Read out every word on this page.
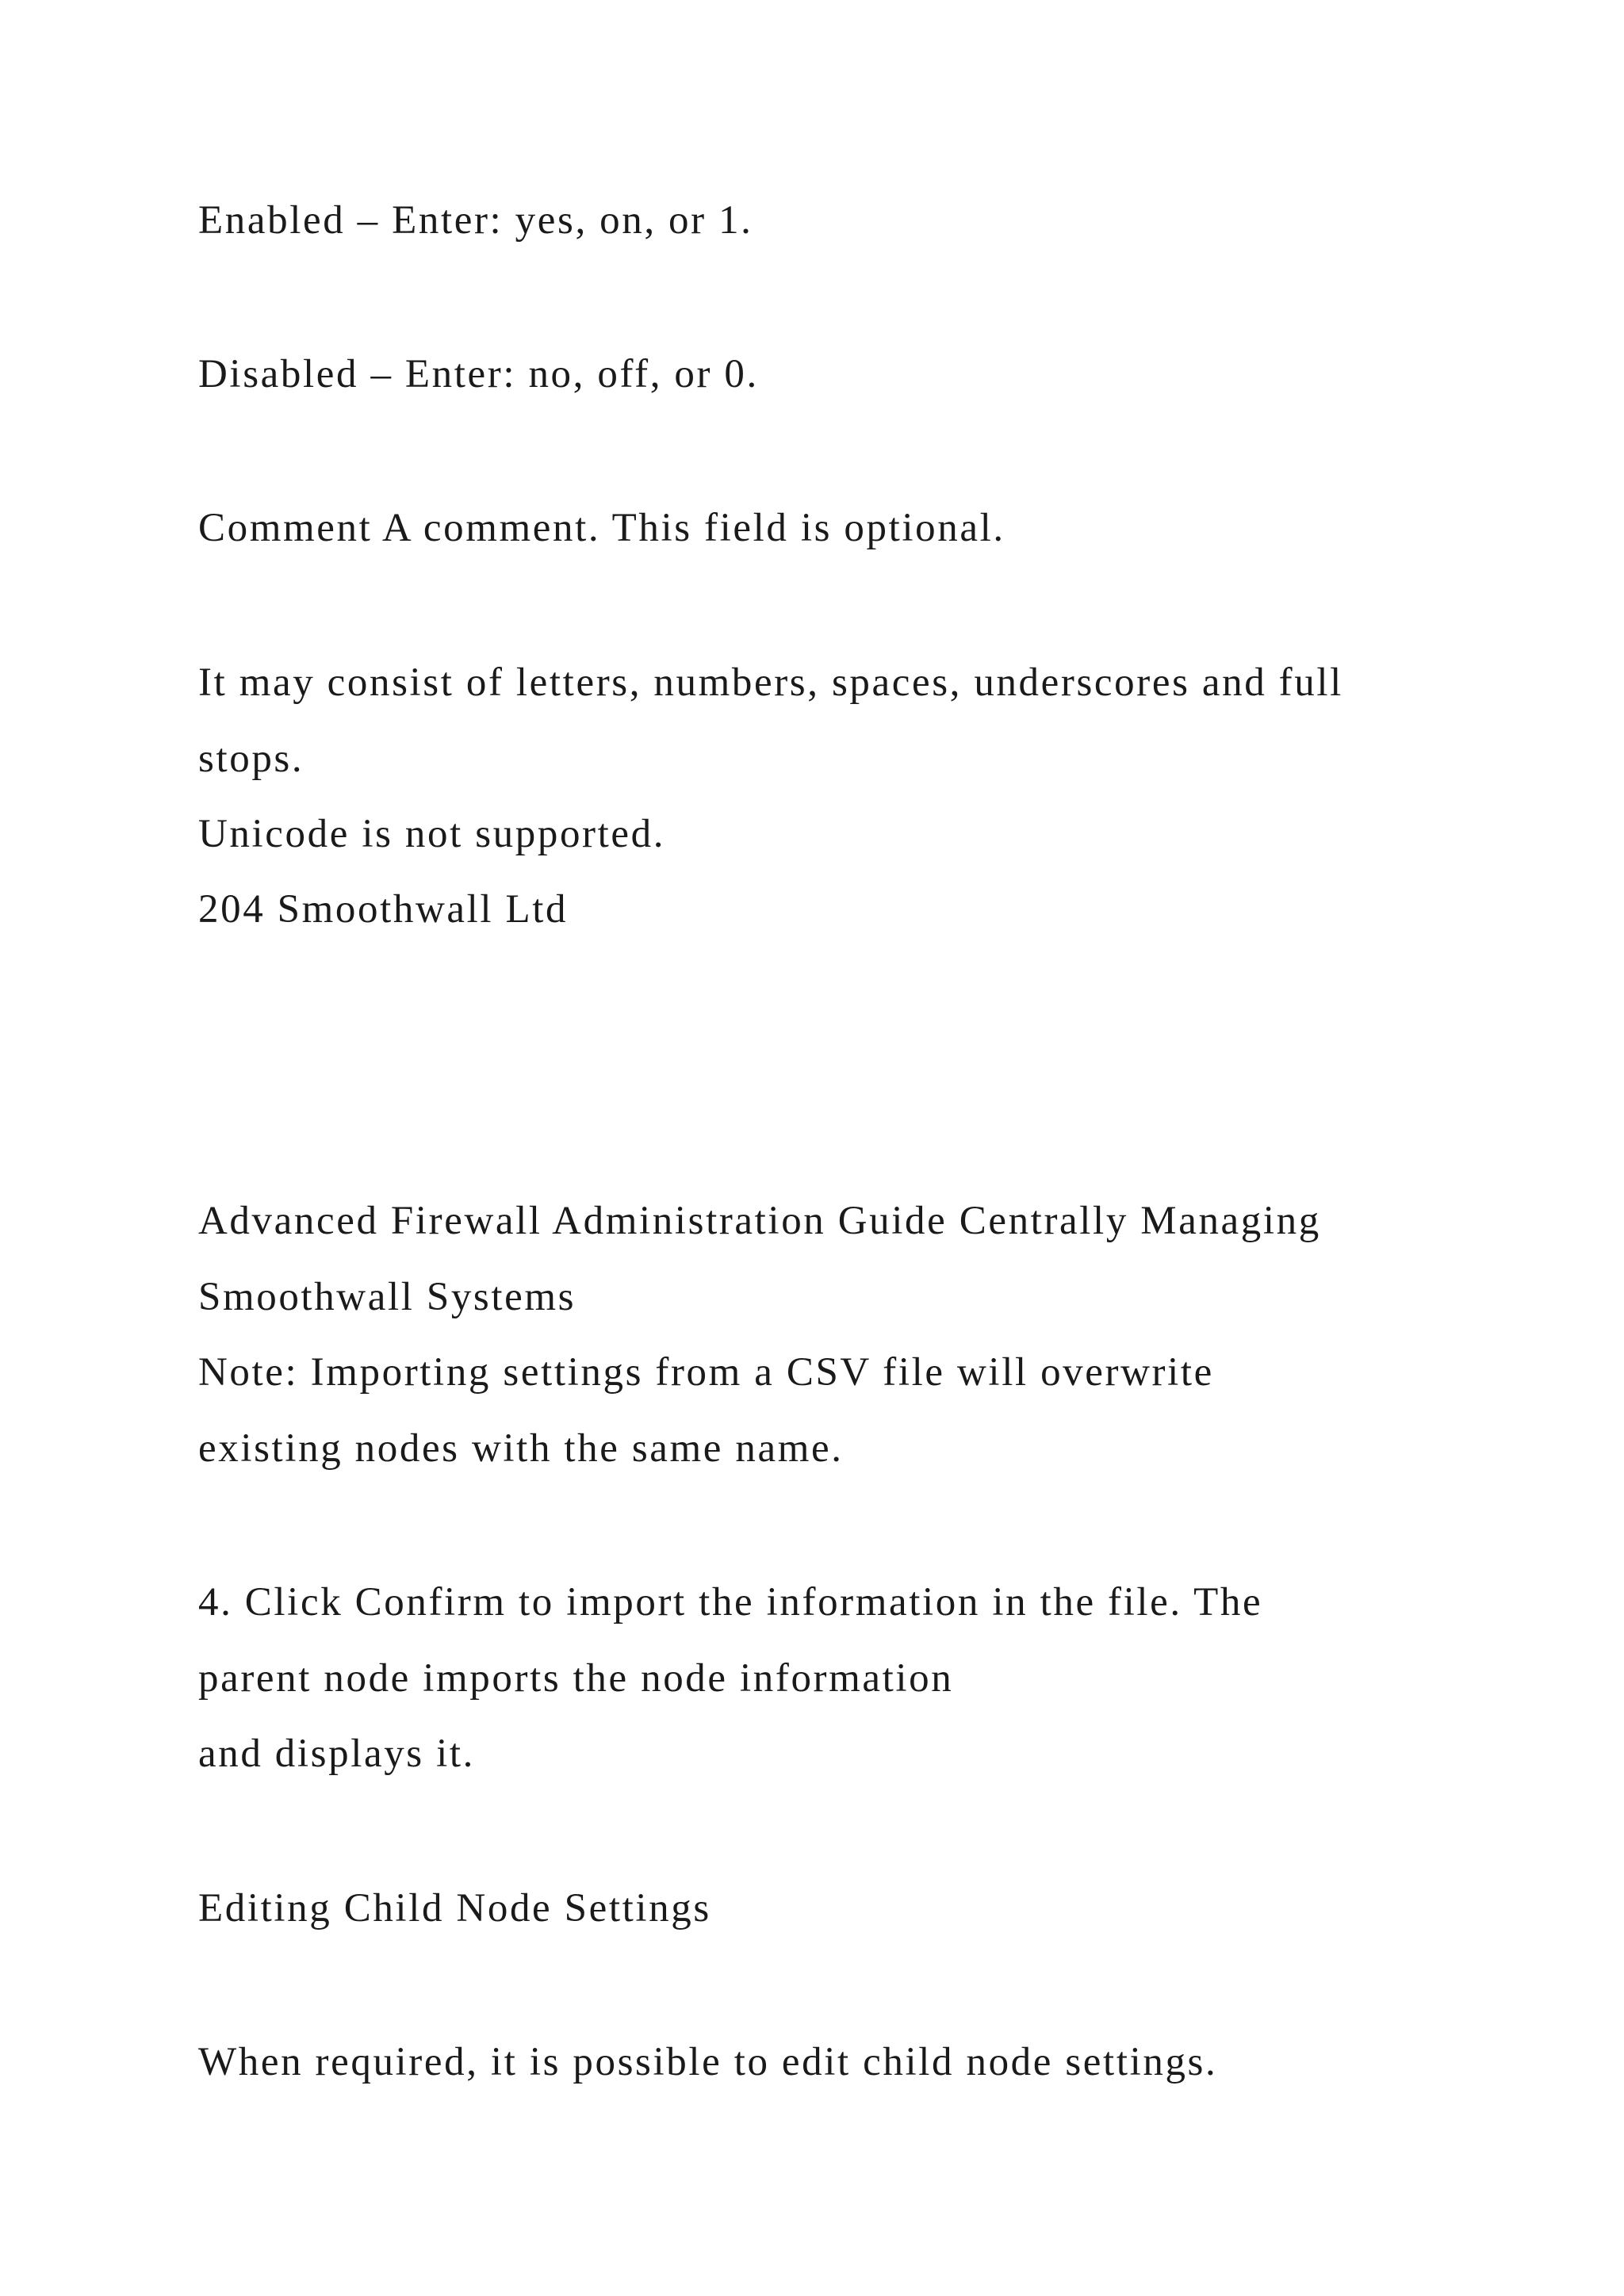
Enabled – Enter: yes, on, or 1.

Disabled – Enter: no, off, or 0.

Comment A comment. This field is optional.

It may consist of letters, numbers, spaces, underscores and full

stops.

Unicode is not supported.

204 Smoothwall Ltd

Advanced Firewall Administration Guide Centrally Managing

Smoothwall Systems

Note: Importing settings from a CSV file will overwrite

existing nodes with the same name.

4. Click Confirm to import the information in the file. The

parent node imports the node information

and displays it.

Editing Child Node Settings

When required, it is possible to edit child node settings.
